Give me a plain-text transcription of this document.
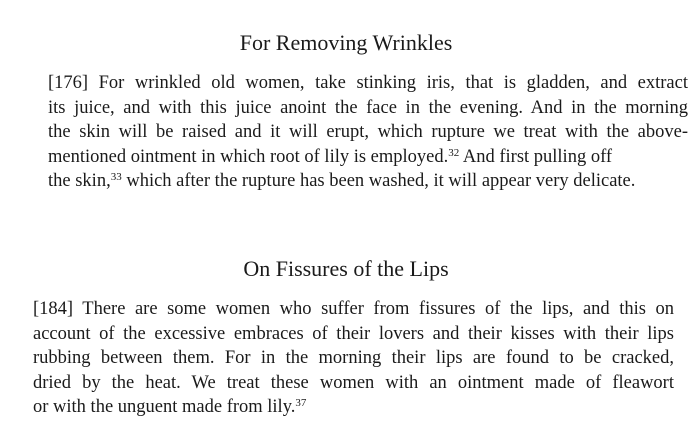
For Removing Wrinkles

[176] For wrinkled old women, take stinking iris, that is gladden, and extract
its juice, and with this juice anoint the face in the evening. And in the morning
the skin will be raised and it will erupt, which rupture we treat with the above-
mentioned ointment in which root of lily is employed.$^{32}$ And first pulling off
the skin,$^{33}$ which after the rupture has been washed, it will appear very delicate.

On Fissures of the Lips

[184] There are some women who suffer from fissures of the lips, and this on
account of the excessive embraces of their lovers and their kisses with their lips
rubbing between them. For in the morning their lips are found to be cracked,
dried by the heat. We treat these women with an ointment made of fleawort
or with the unguent made from lily.$^{37}$
